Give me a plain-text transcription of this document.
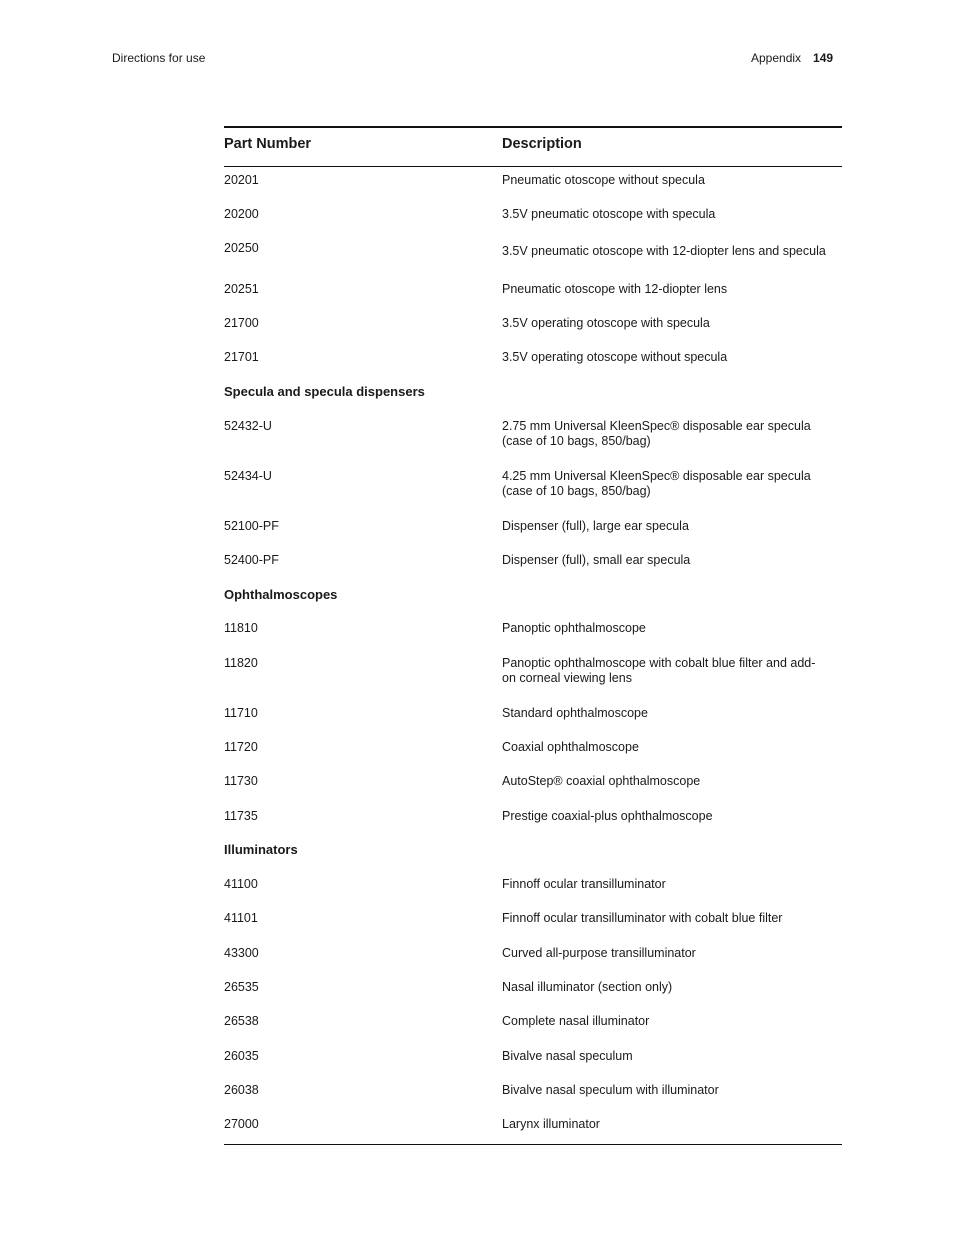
Directions for use	Appendix 149
Part Number	Description
20201	Pneumatic otoscope without specula
20200	3.5V pneumatic otoscope with specula
20250	3.5V pneumatic otoscope with 12-diopter lens and specula
20251	Pneumatic otoscope with 12-diopter lens
21700	3.5V operating otoscope with specula
21701	3.5V operating otoscope without specula
Specula and specula dispensers
52432-U	2.75 mm Universal KleenSpec® disposable ear specula
(case of 10 bags, 850/bag)
52434-U	4.25 mm Universal KleenSpec® disposable ear specula
(case of 10 bags, 850/bag)
52100-PF	Dispenser (full), large ear specula
52400-PF	Dispenser (full), small ear specula
Ophthalmoscopes
11810	Panoptic ophthalmoscope
11820	Panoptic ophthalmoscope with cobalt blue filter and add-
on corneal viewing lens
11710	Standard ophthalmoscope
11720	Coaxial ophthalmoscope
11730	AutoStep® coaxial ophthalmoscope
11735	Prestige coaxial-plus ophthalmoscope
Illuminators
41100	Finnoff ocular transilluminator
41101	Finnoff ocular transilluminator with cobalt blue filter
43300	Curved all-purpose transilluminator
26535	Nasal illuminator (section only)
26538	Complete nasal illuminator
26035	Bivalve nasal speculum
26038	Bivalve nasal speculum with illuminator
27000	Larynx illuminator
